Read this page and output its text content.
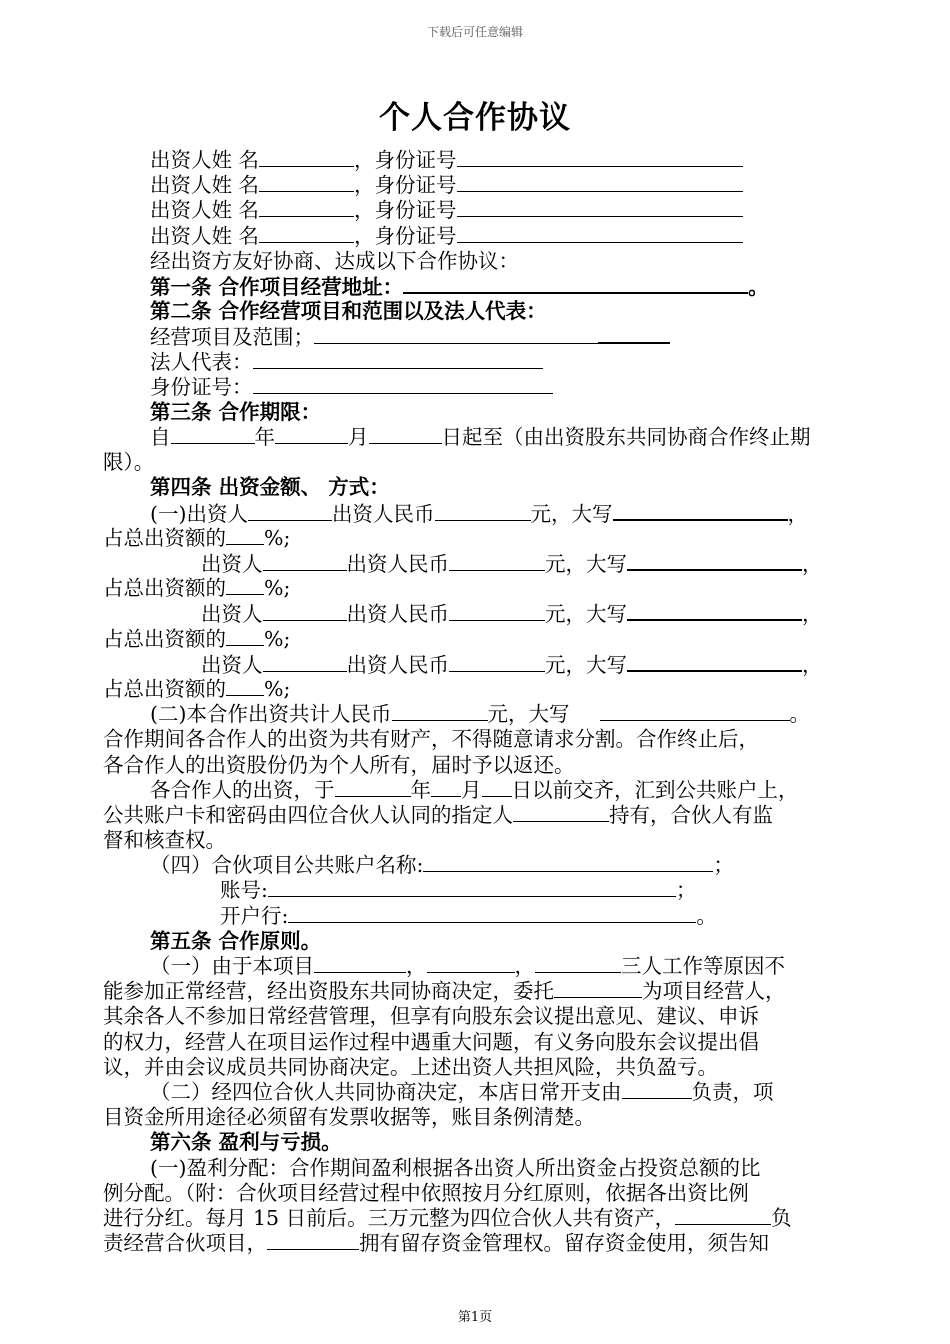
下载后可任意编辑
个人合作协议
出资人姓 名	，身份证号
出资人姓 名	，身份证号
出资人姓 名	，身份证号
出资人姓 名	，身份证号
经出资方友好协商、达成以下合作协议：
第一条 合作项目经营地址：	。
第二条 合作经营项目和范围以及法人代表：
经营项目及范围；
法人代表：
身份证号：
第三条 合作期限：
自	年	月	日起至（由出资股东共同协商合作终止期
限）。
第四条 出资金额、 方式：
(一)出资人	出资人民币	元，大写	，
占总出资额的 %;
出资人	出资人民币	元，大写	，
占总出资额的 %;
出资人	出资人民币	元，大写	，
占总出资额的 %;
出资人	出资人民币	元，大写	，
占总出资额的 %;
(二)本合作出资共计人民币	元，大写	。
合作期间各合作人的出资为共有财产，不得随意请求分割。合作终止后，
各合作人的出资股份仍为个人所有，届时予以返还。
各合作人的出资，于	年 月 日以前交齐，汇到公共账户上，
公共账户卡和密码由四位合伙人认同的指定人	持有，合伙人有监
督和核查权。
（四）合伙项目公共账户名称:	；
账号:	；
开户行:	。
第五条 合作原则。
（一）由于本项目	，	，	三人工作等原因不
能参加正常经营，经出资股东共同协商决定，委托	为项目经营人，
其余各人不参加日常经营管理，但享有向股东会议提出意见、建议、申诉
的权力，经营人在项目运作过程中遇重大问题，有义务向股东会议提出倡
议，并由会议成员共同协商决定。上述出资人共担风险，共负盈亏。
（二）经四位合伙人共同协商决定，本店日常开支由	负责，项
目资金所用途径必须留有发票收据等，账目条例清楚。
第六条 盈利与亏损。
(一)盈利分配：合作期间盈利根据各出资人所出资金占投资总额的比
例分配。（附：合伙项目经营过程中依照按月分红原则，依据各出资比例
进行分红。每月 15 日前后。三万元整为四位合伙人共有资产，	负
责经营合伙项目，	拥有留存资金管理权。留存资金使用，须告知
第1页
